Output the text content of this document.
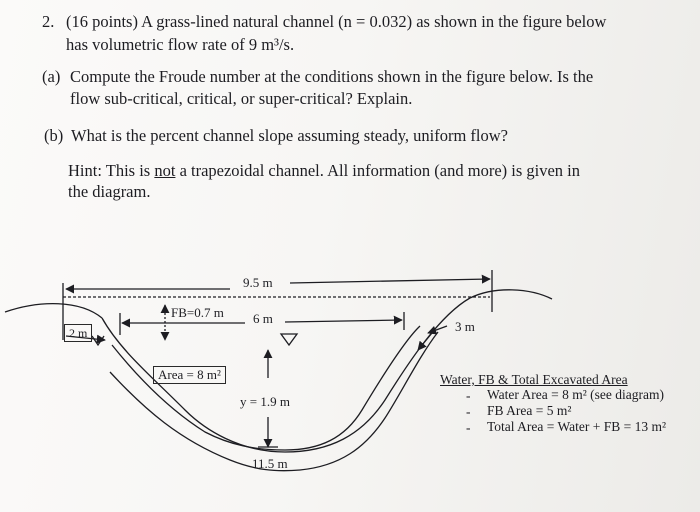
2. (16 points) A grass-lined natural channel (n = 0.032) as shown in the figure below
has volumetric flow rate of 9 m³/s.
(a) Compute the Froude number at the conditions shown in the figure below. Is the
flow sub-critical, critical, or super-critical? Explain.
(b) What is the percent channel slope assuming steady, uniform flow?
Hint: This is not a trapezoidal channel. All information (and more) is given in
the diagram.
9.5 m
FB=0.7 m 6 m
2 m	3 m
Area = 8 m²
y = 1.9 m
11.5 m
Water, FB & Total Excavated Area
- Water Area = 8 m² (see diagram)
- FB Area = 5 m²
- Total Area = Water + FB = 13 m²
